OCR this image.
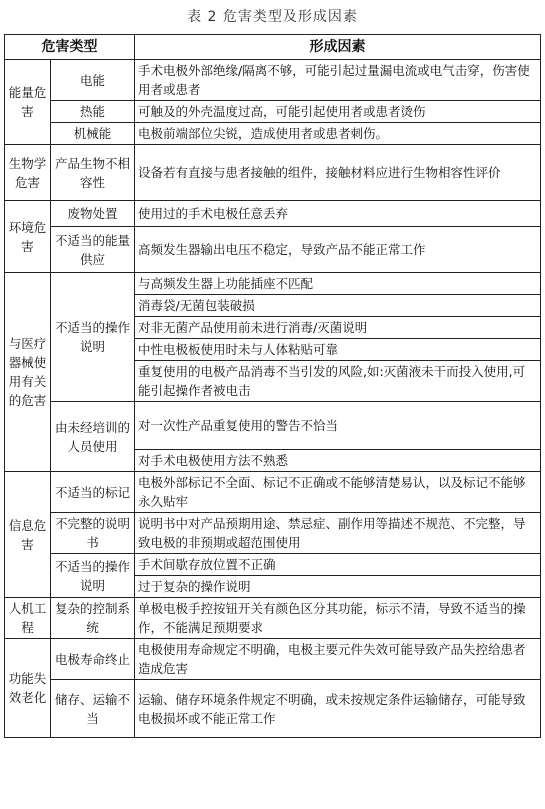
表 2 危害类型及形成因素
危害类型		形成因素
能量危害	电能	手术电极外部绝缘/隔离不够，可能引起过量漏电流或电气击穿，伤害使用者或患者
	热能	可触及的外壳温度过高，可能引起使用者或患者烫伤
	机械能	电极前端部位尖锐，造成使用者或患者刺伤。
生物学危害	产品生物不相容性	设备若有直接与患者接触的组件，接触材料应进行生物相容性评价
环境危害	废物处置	使用过的手术电极任意丢弃
	不适当的能量供应	高频发生器输出电压不稳定，导致产品不能正常工作
与医疗器械使用有关的危害	不适当的操作说明	与高频发生器上功能插座不匹配
		消毒袋/无菌包装破损
		对非无菌产品使用前未进行消毒/灭菌说明
		中性电极板使用时未与人体粘贴可靠
		重复使用的电极产品消毒不当引发的风险,如:灭菌液未干而投入使用,可能引起操作者被电击
	由未经培训的人员使用	对一次性产品重复使用的警告不恰当
		对手术电极使用方法不熟悉
信息危害	不适当的标记	电极外部标记不全面、标记不正确或不能够清楚易认，以及标记不能够永久贴牢
	不完整的说明书	说明书中对产品预期用途、禁忌症、副作用等描述不规范、不完整，导致电极的非预期或超范围使用
	不适当的操作说明	手术间歇存放位置不正确
		过于复杂的操作说明
人机工程	复杂的控制系统	单极电极手控按钮开关有颜色区分其功能，标示不清，导致不适当的操作，不能满足预期要求
功能失效老化	电极寿命终止	电极使用寿命规定不明确，电极主要元件失效可能导致产品失控给患者造成危害
	储存、运输不当	运输、储存环境条件规定不明确，或未按规定条件运输储存，可能导致电极损坏或不能正常工作
